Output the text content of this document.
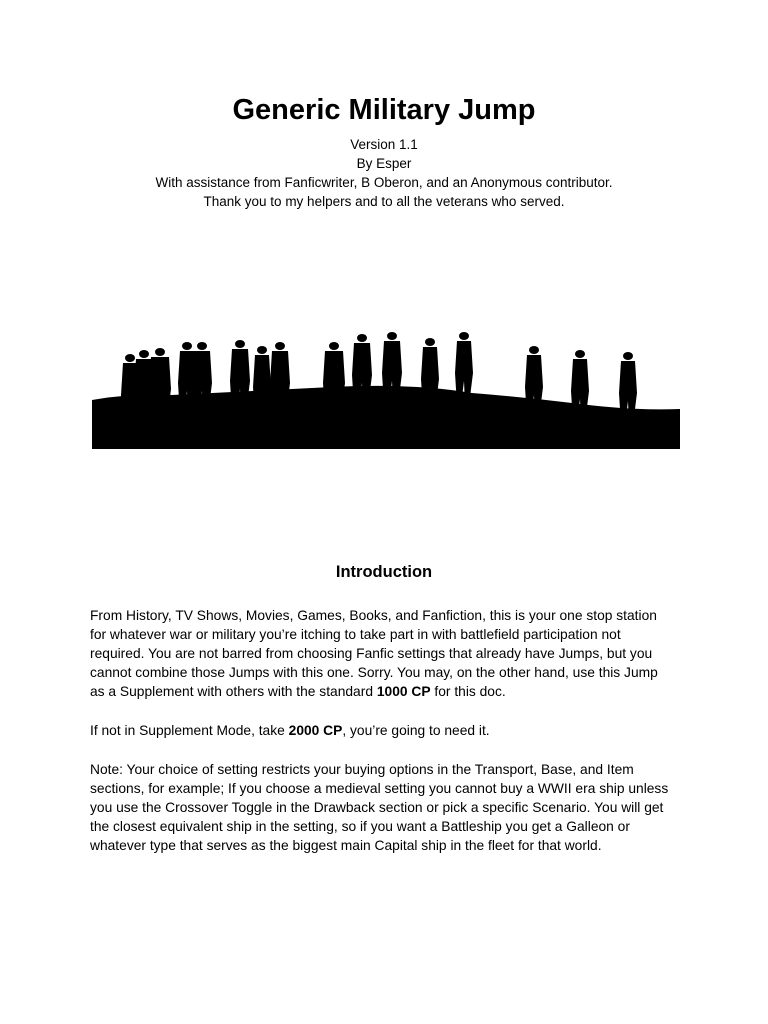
Generic Military Jump
Version 1.1
By Esper
With assistance from Fanficwriter, B Oberon, and an Anonymous contributor.
Thank you to my helpers and to all the veterans who served.
Introduction
From History, TV Shows, Movies, Games, Books, and Fanfiction, this is your one stop station
for whatever war or military you’re itching to take part in with battlefield participation not
required. You are not barred from choosing Fanfic settings that already have Jumps, but you
cannot combine those Jumps with this one. Sorry. You may, on the other hand, use this Jump
as a Supplement with others with the standard 1000 CP for this doc.
If not in Supplement Mode, take 2000 CP, you’re going to need it.
Note: Your choice of setting restricts your buying options in the Transport, Base, and Item
sections, for example; If you choose a medieval setting you cannot buy a WWII era ship unless
you use the Crossover Toggle in the Drawback section or pick a specific Scenario. You will get
the closest equivalent ship in the setting, so if you want a Battleship you get a Galleon or
whatever type that serves as the biggest main Capital ship in the fleet for that world.
